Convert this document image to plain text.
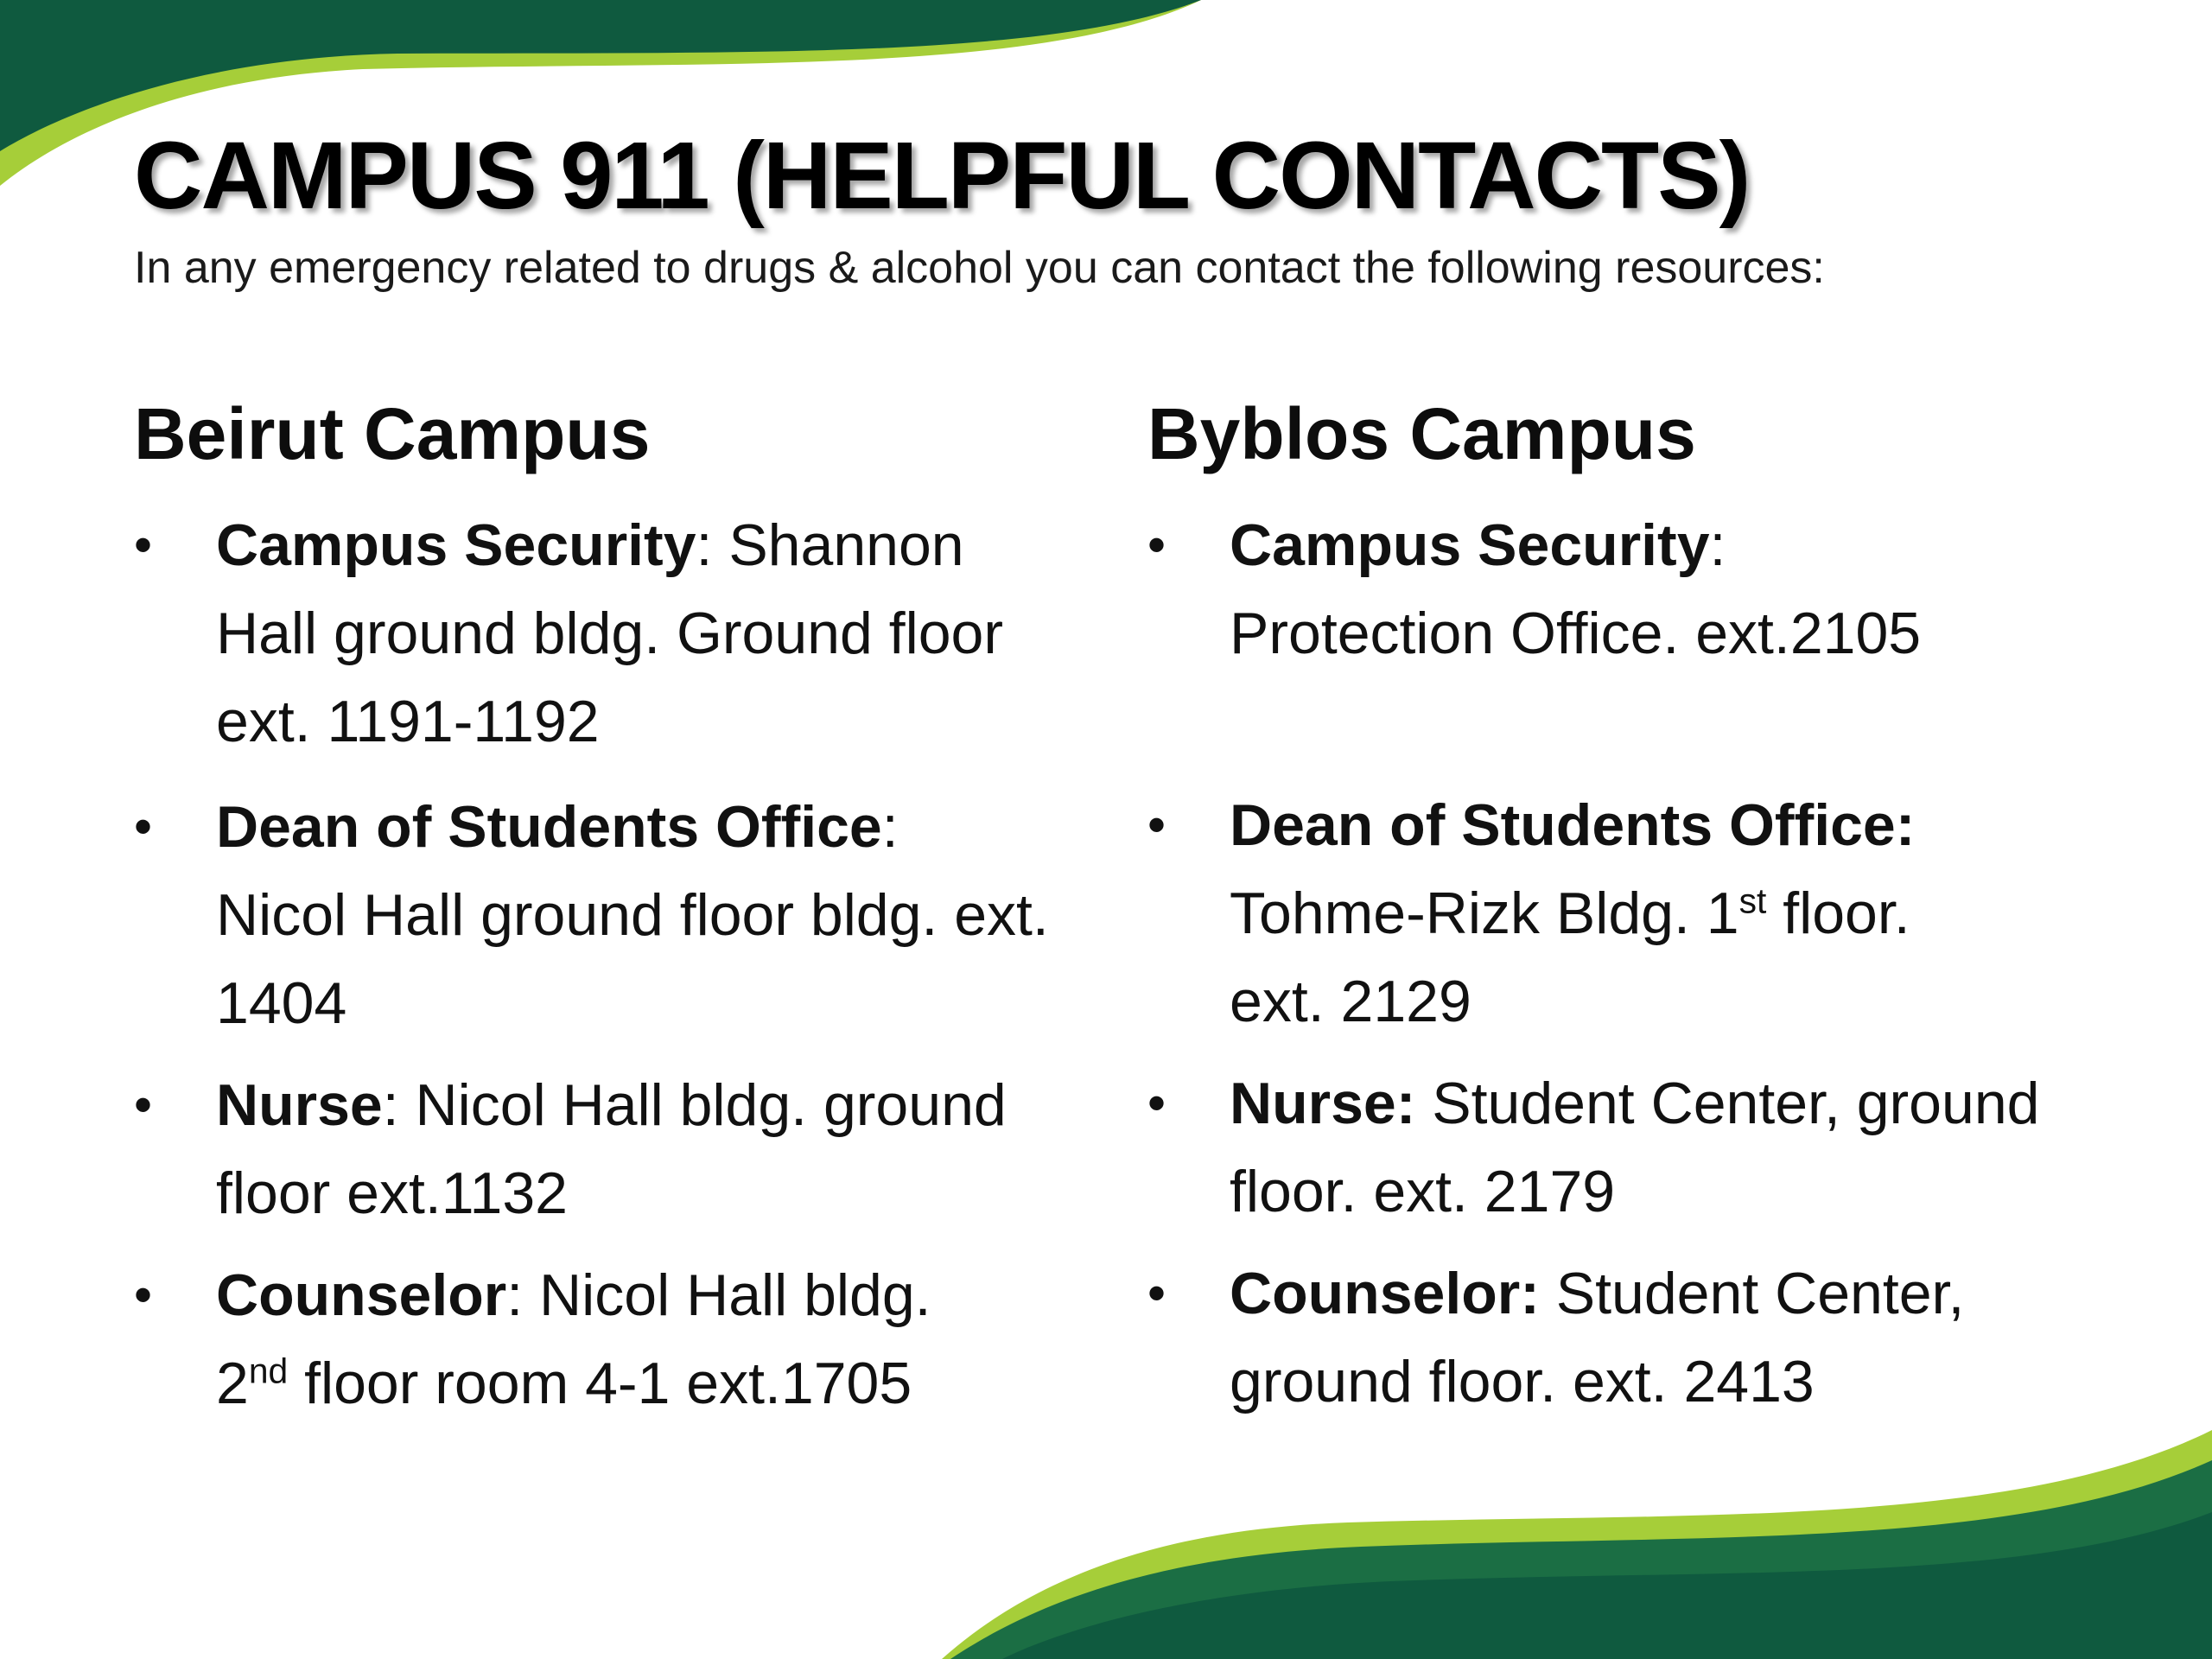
CAMPUS 911 (HELPFUL CONTACTS)
In any emergency related to drugs & alcohol you can contact the following resources:
Beirut Campus
• Campus Security: Shannon Hall ground bldg. Ground floor ext. 1191-1192
• Dean of Students Office:
Nicol Hall ground floor bldg. ext. 1404
• Nurse: Nicol Hall bldg. ground floor ext.1132
• Counselor: Nicol Hall bldg.
2nd floor room 4-1 ext.1705
Byblos Campus
• Campus Security:
Protection Office. ext.2105
• Dean of Students Office:
Tohme-Rizk Bldg. 1st floor.
ext. 2129
• Nurse: Student Center, ground floor. ext. 2179
• Counselor: Student Center, ground floor. ext. 2413
